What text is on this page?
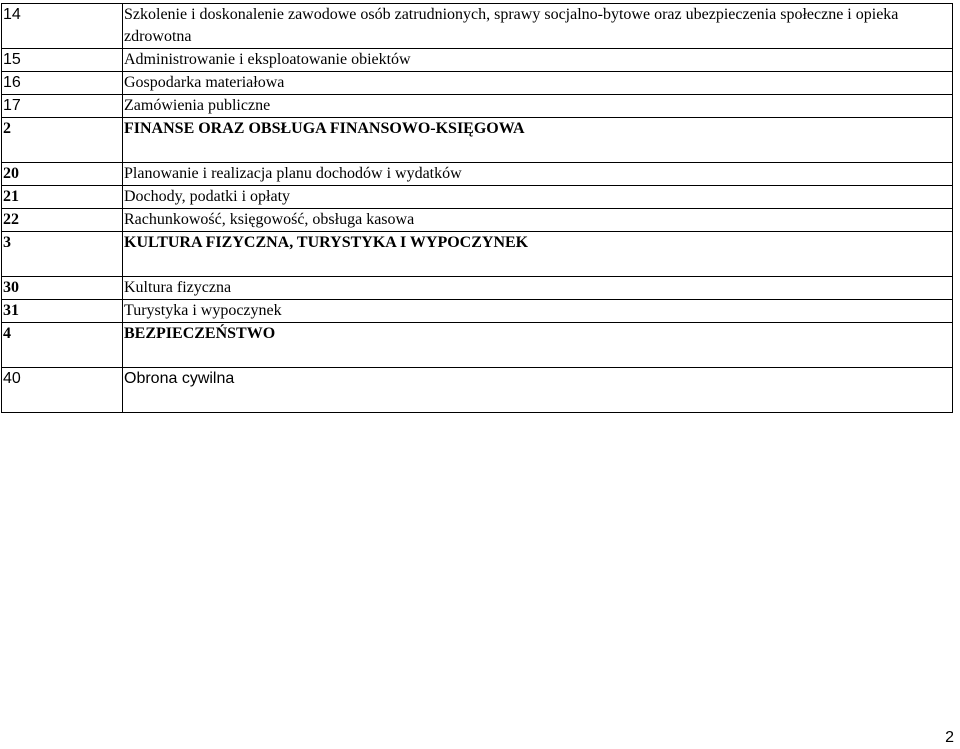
14	Szkolenie i doskonalenie zawodowe osób zatrudnionych, sprawy socjalno-bytowe oraz ubezpieczenia społeczne i opieka zdrowotna
15	Administrowanie i eksploatowanie obiektów
16	Gospodarka materiałowa
17	Zamówienia publiczne
2	FINANSE ORAZ OBSŁUGA FINANSOWO-KSIĘGOWA
20	Planowanie i realizacja planu dochodów i wydatków
21	Dochody, podatki i opłaty
22	Rachunkowość, księgowość, obsługa kasowa
3	KULTURA FIZYCZNA, TURYSTYKA I WYPOCZYNEK
30	Kultura fizyczna
31	Turystyka i wypoczynek
4	BEZPIECZEŃSTWO
40	Obrona cywilna
2
